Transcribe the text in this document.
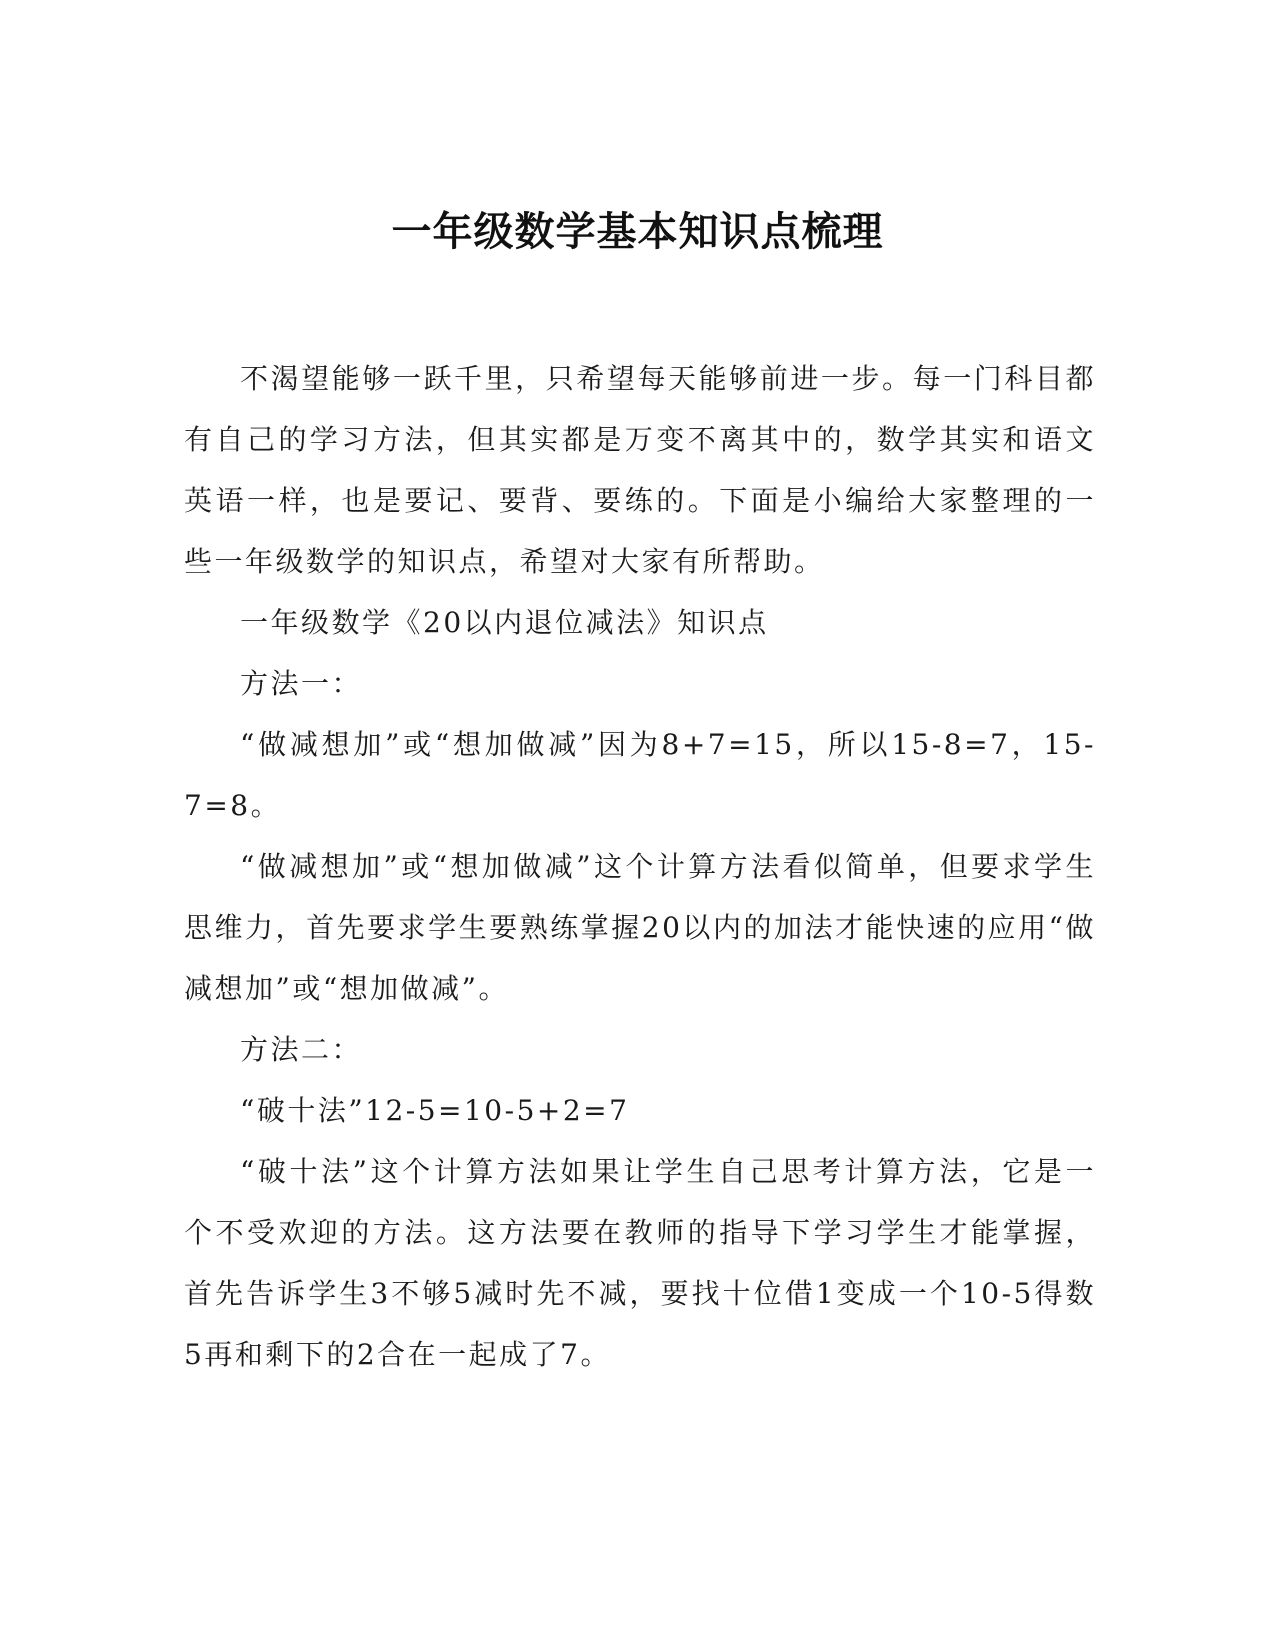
一年级数学基本知识点梳理

不渴望能够一跃千里，只希望每天能够前进一步。每一门科目都有自己的学习方法，但其实都是万变不离其中的，数学其实和语文英语一样，也是要记、要背、要练的。下面是小编给大家整理的一些一年级数学的知识点，希望对大家有所帮助。

一年级数学《20以内退位减法》知识点

方法一：

“做减想加”或“想加做减”因为8+7=15，所以15-8=7，15-7=8。

“做减想加”或“想加做减”这个计算方法看似简单，但要求学生思维力，首先要求学生要熟练掌握20以内的加法才能快速的应用“做减想加”或“想加做减”。

方法二：

“破十法”12-5=10-5+2=7

“破十法”这个计算方法如果让学生自己思考计算方法，它是一个不受欢迎的方法。这方法要在教师的指导下学习学生才能掌握，首先告诉学生3不够5减时先不减，要找十位借1变成一个10-5得数5再和剩下的2合在一起成了7。
